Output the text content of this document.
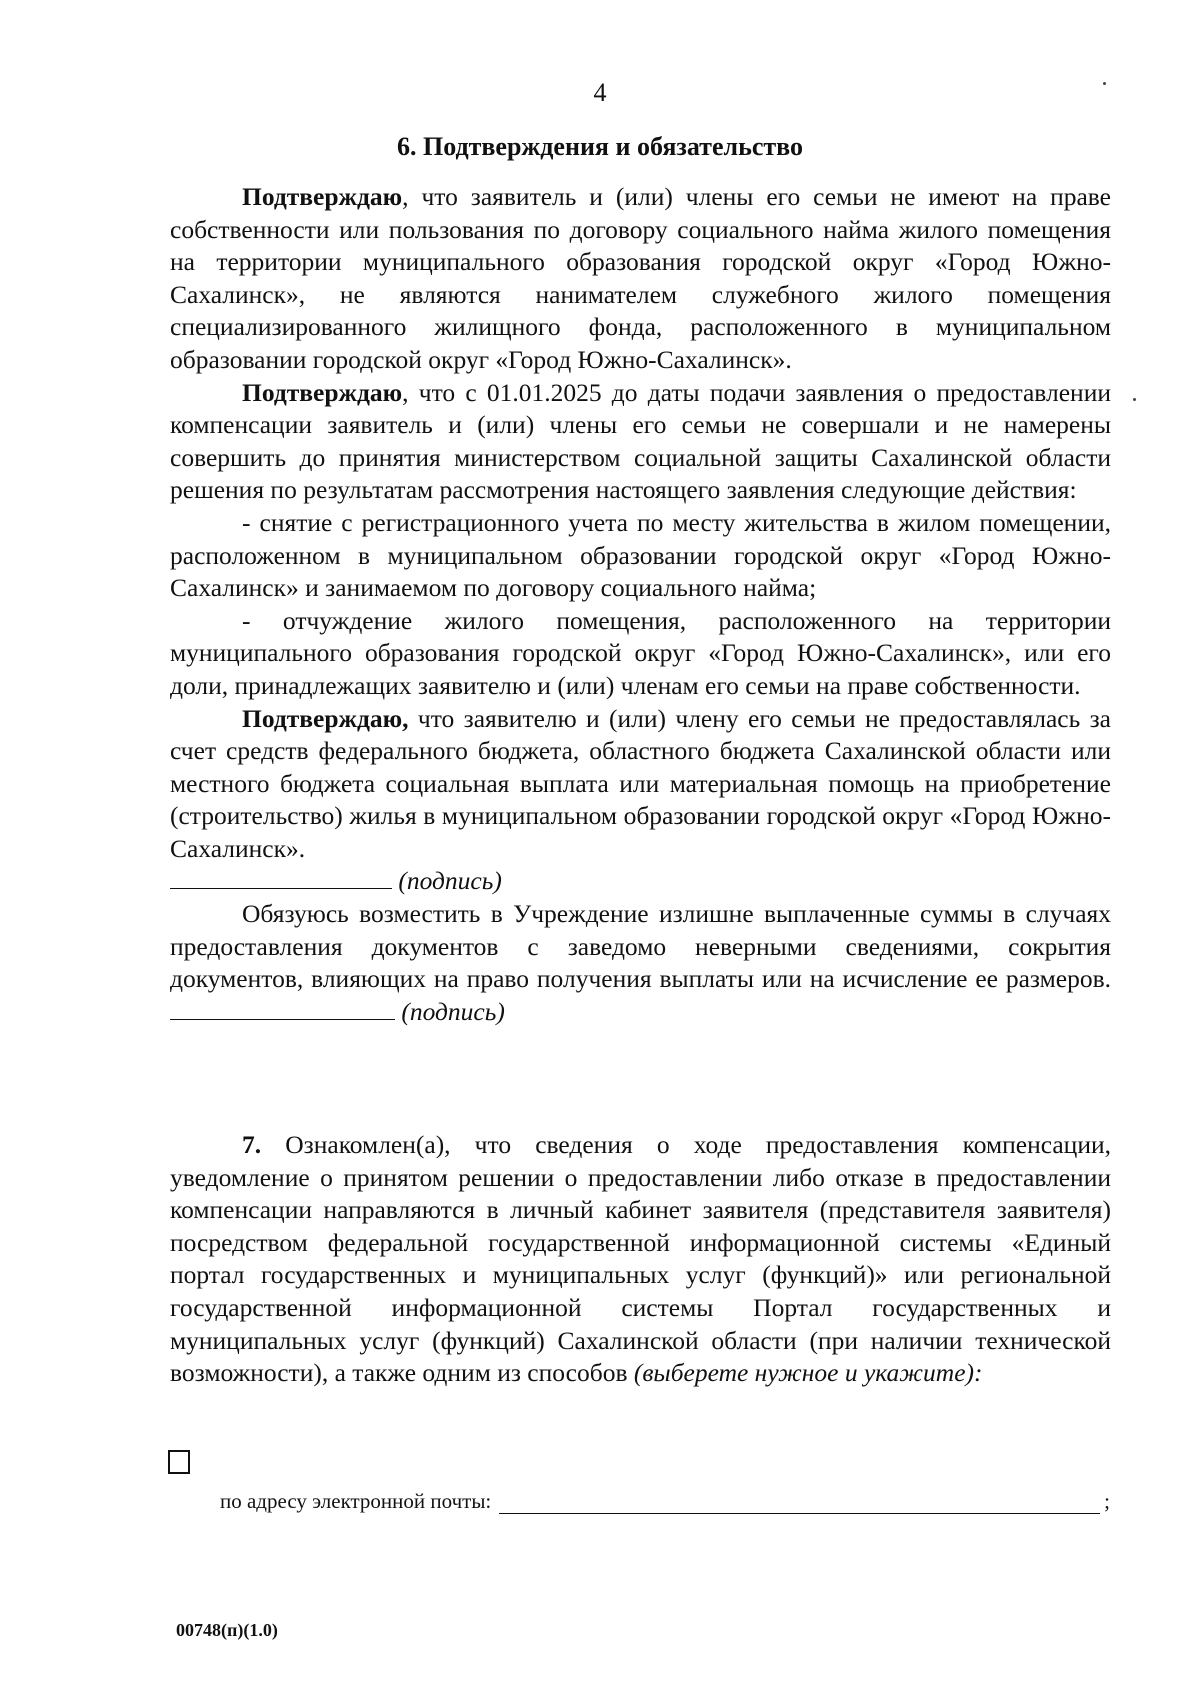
4
6. Подтверждения и обязательство

Подтверждаю, что заявитель и (или) члены его семьи не имеют на праве собственности или пользования по договору социального найма жилого помещения на территории муниципального образования городской округ «Город Южно-Сахалинск», не являются нанимателем служебного жилого помещения специализированного жилищного фонда, расположенного в муниципальном образовании городской округ «Город Южно-Сахалинск».

Подтверждаю, что с 01.01.2025 до даты подачи заявления о предоставлении компенсации заявитель и (или) члены его семьи не совершали и не намерены совершить до принятия министерством социальной защиты Сахалинской области решения по результатам рассмотрения настоящего заявления следующие действия:

- снятие с регистрационного учета по месту жительства в жилом помещении, расположенном в муниципальном образовании городской округ «Город Южно-Сахалинск» и занимаемом по договору социального найма;

- отчуждение жилого помещения, расположенного на территории муниципального образования городской округ «Город Южно-Сахалинск», или его доли, принадлежащих заявителю и (или) членам его семьи на праве собственности.

Подтверждаю, что заявителю и (или) члену его семьи не предоставлялась за счет средств федерального бюджета, областного бюджета Сахалинской области или местного бюджета социальная выплата или материальная помощь на приобретение (строительство) жилья в муниципальном образовании городской округ «Город Южно-Сахалинск».

(подпись)

Обязуюсь возместить в Учреждение излишне выплаченные суммы в случаях предоставления документов с заведомо неверными сведениями, сокрытия документов, влияющих на право получения выплаты или на исчисление ее размеров.  (подпись)

7. Ознакомлен(а), что сведения о ходе предоставления компенсации, уведомление о принятом решении о предоставлении либо отказе в предоставлении компенсации направляются в личный кабинет заявителя (представителя заявителя) посредством федеральной государственной информационной системы «Единый портал государственных и муниципальных услуг (функций)» или региональной государственной информационной системы Портал государственных и муниципальных услуг (функций) Сахалинской области (при наличии технической возможности), а также одним из способов (выберете нужное и укажите):

по адресу электронной почты:	;
00748(п)(1.0)
